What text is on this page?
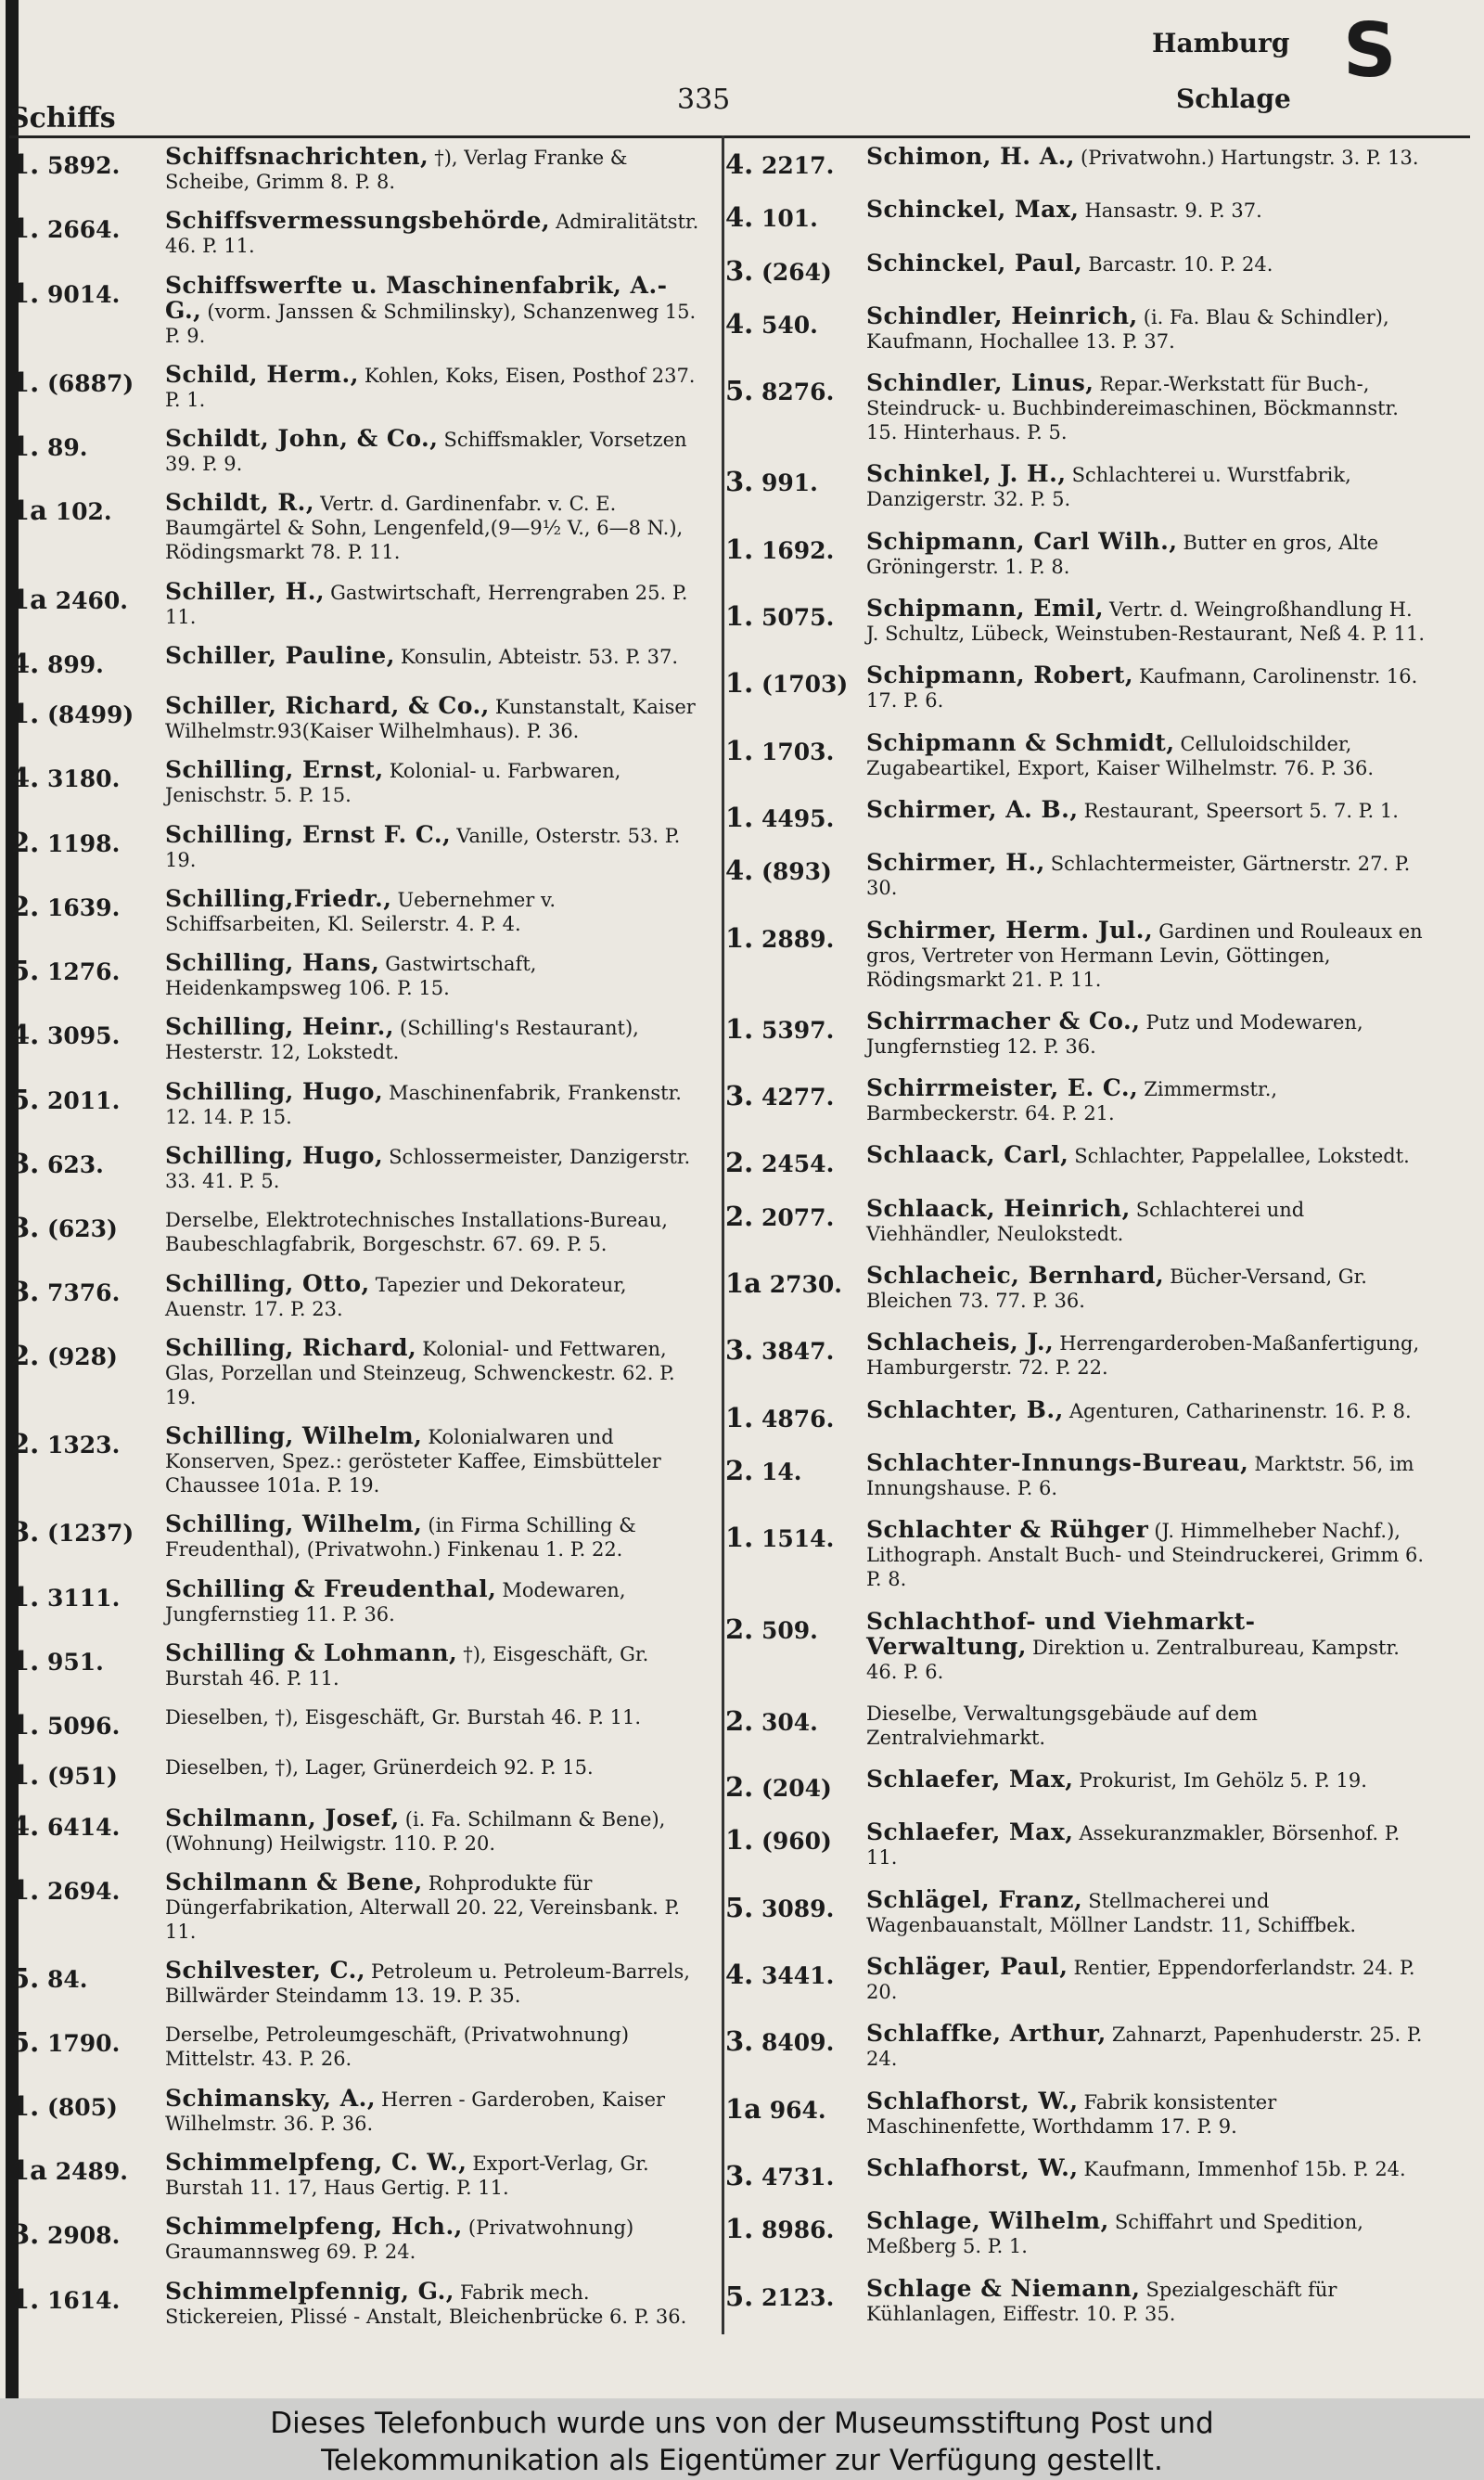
Schiffs
335
Hamburg
Schlage
S
1. 5892.	Schiffsnachrichten, †), Verlag Franke & Scheibe, Grimm 8. P. 8.
1. 2664.	Schiffsvermessungsbehörde, Admiralitätstr. 46. P. 11.
1. 9014.	Schiffswerfte u. Maschinenfabrik, A.-G., (vorm. Janssen & Schmilinsky), Schanzenweg 15. P. 9.
1. (6887)	Schild, Herm., Kohlen, Koks, Eisen, Posthof 237. P. 1.
1. 89.	Schildt, John, & Co., Schiffsmakler, Vorsetzen 39. P. 9.
1a 102.	Schildt, R., Vertr. d. Gardinenfabr. v. C. E. Baumgärtel & Sohn, Lengenfeld,(9—9½ V., 6—8 N.), Rödingsmarkt 78. P. 11.
1a 2460.	Schiller, H., Gastwirtschaft, Herrengraben 25. P. 11.
4. 899.	Schiller, Pauline, Konsulin, Abteistr. 53. P. 37.
1. (8499)	Schiller, Richard, & Co., Kunstanstalt, Kaiser Wilhelmstr.93(Kaiser Wilhelmhaus). P. 36.
4. 3180.	Schilling, Ernst, Kolonial- u. Farbwaren, Jenischstr. 5. P. 15.
2. 1198.	Schilling, Ernst F. C., Vanille, Osterstr. 53. P. 19.
2. 1639.	Schilling,Friedr., Uebernehmer v. Schiffsarbeiten, Kl. Seilerstr. 4. P. 4.
5. 1276.	Schilling, Hans, Gastwirtschaft, Heidenkampsweg 106. P. 15.
4. 3095.	Schilling, Heinr., (Schilling's Restaurant), Hesterstr. 12, Lokstedt.
5. 2011.	Schilling, Hugo, Maschinenfabrik, Frankenstr. 12. 14. P. 15.
3. 623.	Schilling, Hugo, Schlossermeister, Danzigerstr. 33. 41. P. 5.
3. (623)	Derselbe, Elektrotechnisches Installations-Bureau, Baubeschlagfabrik, Borgeschstr. 67. 69. P. 5.
3. 7376.	Schilling, Otto, Tapezier und Dekorateur, Auenstr. 17. P. 23.
2. (928)	Schilling, Richard, Kolonial- und Fettwaren, Glas, Porzellan und Steinzeug, Schwenckestr. 62. P. 19.
2. 1323.	Schilling, Wilhelm, Kolonialwaren und Konserven, Spez.: gerösteter Kaffee, Eimsbütteler Chaussee 101a. P. 19.
3. (1237)	Schilling, Wilhelm, (in Firma Schilling & Freudenthal), (Privatwohn.) Finkenau 1. P. 22.
1. 3111.	Schilling & Freudenthal, Modewaren, Jungfernstieg 11. P. 36.
1. 951.	Schilling & Lohmann, †), Eisgeschäft, Gr. Burstah 46. P. 11.
1. 5096.	Dieselben, †), Eisgeschäft, Gr. Burstah 46. P. 11.
1. (951)	Dieselben, †), Lager, Grünerdeich 92. P. 15.
4. 6414.	Schilmann, Josef, (i. Fa. Schilmann & Bene), (Wohnung) Heilwigstr. 110. P. 20.
1. 2694.	Schilmann & Bene, Rohprodukte für Düngerfabrikation, Alterwall 20. 22, Vereinsbank. P. 11.
5. 84.	Schilvester, C., Petroleum u. Petroleum-Barrels, Billwärder Steindamm 13. 19. P. 35.
5. 1790.	Derselbe, Petroleumgeschäft, (Privatwohnung) Mittelstr. 43. P. 26.
1. (805)	Schimansky, A., Herren - Garderoben, Kaiser Wilhelmstr. 36. P. 36.
1a 2489.	Schimmelpfeng, C. W., Export-Verlag, Gr. Burstah 11. 17, Haus Gertig. P. 11.
3. 2908.	Schimmelpfeng, Hch., (Privatwohnung) Graumannsweg 69. P. 24.
1. 1614.	Schimmelpfennig, G., Fabrik mech. Stickereien, Plissé - Anstalt, Bleichenbrücke 6. P. 36.
4. 2217.	Schimon, H. A., (Privatwohn.) Hartungstr. 3. P. 13.
4. 101.	Schinckel, Max, Hansastr. 9. P. 37.
3. (264)	Schinckel, Paul, Barcastr. 10. P. 24.
4. 540.	Schindler, Heinrich, (i. Fa. Blau & Schindler), Kaufmann, Hochallee 13. P. 37.
5. 8276.	Schindler, Linus, Repar.-Werkstatt für Buch-, Steindruck- u. Buchbindereimaschinen, Böckmannstr. 15. Hinterhaus. P. 5.
3. 991.	Schinkel, J. H., Schlachterei u. Wurstfabrik, Danzigerstr. 32. P. 5.
1. 1692.	Schipmann, Carl Wilh., Butter en gros, Alte Gröningerstr. 1. P. 8.
1. 5075.	Schipmann, Emil, Vertr. d. Weingroßhandlung H. J. Schultz, Lübeck, Weinstuben-Restaurant, Neß 4. P. 11.
1. (1703) Schipmann, Robert, Kaufmann, Carolinenstr. 16. 17. P. 6.
1. 1703.	Schipmann & Schmidt, Celluloidschilder, Zugabeartikel, Export, Kaiser Wilhelmstr. 76. P. 36.
1. 4495.	Schirmer, A. B., Restaurant, Speersort 5. 7. P. 1.
4. (893)	Schirmer, H., Schlachtermeister, Gärtnerstr. 27. P. 30.
1. 2889.	Schirmer, Herm. Jul., Gardinen und Rouleaux en gros, Vertreter von Hermann Levin, Göttingen, Rödingsmarkt 21. P. 11.
1. 5397.	Schirrmacher & Co., Putz und Modewaren, Jungfernstieg 12. P. 36.
3. 4277.	Schirrmeister, E. C., Zimmermstr., Barmbeckerstr. 64. P. 21.
2. 2454.	Schlaack, Carl, Schlachter, Pappelallee, Lokstedt.
2. 2077.	Schlaack, Heinrich, Schlachterei und Viehhändler, Neulokstedt.
1a 2730.	Schlacheic, Bernhard, Bücher-Versand, Gr. Bleichen 73. 77. P. 36.
3. 3847.	Schlacheis, J., Herrengarderoben-Maßanfertigung, Hamburgerstr. 72. P. 22.
1. 4876.	Schlachter, B., Agenturen, Catharinenstr. 16. P. 8.
2. 14.	Schlachter-Innungs-Bureau, Marktstr. 56, im Innungshause. P. 6.
1. 1514.	Schlachter & Rühger (J. Himmelheber Nachf.), Lithograph. Anstalt Buch- und Steindruckerei, Grimm 6. P. 8.
2. 509.	Schlachthof- und Viehmarkt-Verwaltung, Direktion u. Zentralbureau, Kampstr. 46. P. 6.
2. 304.	Dieselbe, Verwaltungsgebäude auf dem Zentralviehmarkt.
2. (204)	Schlaefer, Max, Prokurist, Im Gehölz 5. P. 19.
1. (960)	Schlaefer, Max, Assekuranzmakler, Börsenhof. P. 11.
5. 3089.	Schlägel, Franz, Stellmacherei und Wagenbauanstalt, Möllner Landstr. 11, Schiffbek.
4. 3441.	Schläger, Paul, Rentier, Eppendorferlandstr. 24. P. 20.
3. 8409.	Schlaffke, Arthur, Zahnarzt, Papenhuderstr. 25. P. 24.
1a 964.	Schlafhorst, W., Fabrik konsistenter Maschinenfette, Worthdamm 17. P. 9.
3. 4731.	Schlafhorst, W., Kaufmann, Immenhof 15b. P. 24.
1. 8986.	Schlage, Wilhelm, Schiffahrt und Spedition, Meßberg 5. P. 1.
5. 2123.	Schlage & Niemann, Spezialgeschäft für Kühlanlagen, Eiffestr. 10. P. 35.
Dieses Telefonbuch wurde uns von der Museumsstiftung Post und
Telekommunikation als Eigentümer zur Verfügung gestellt.
